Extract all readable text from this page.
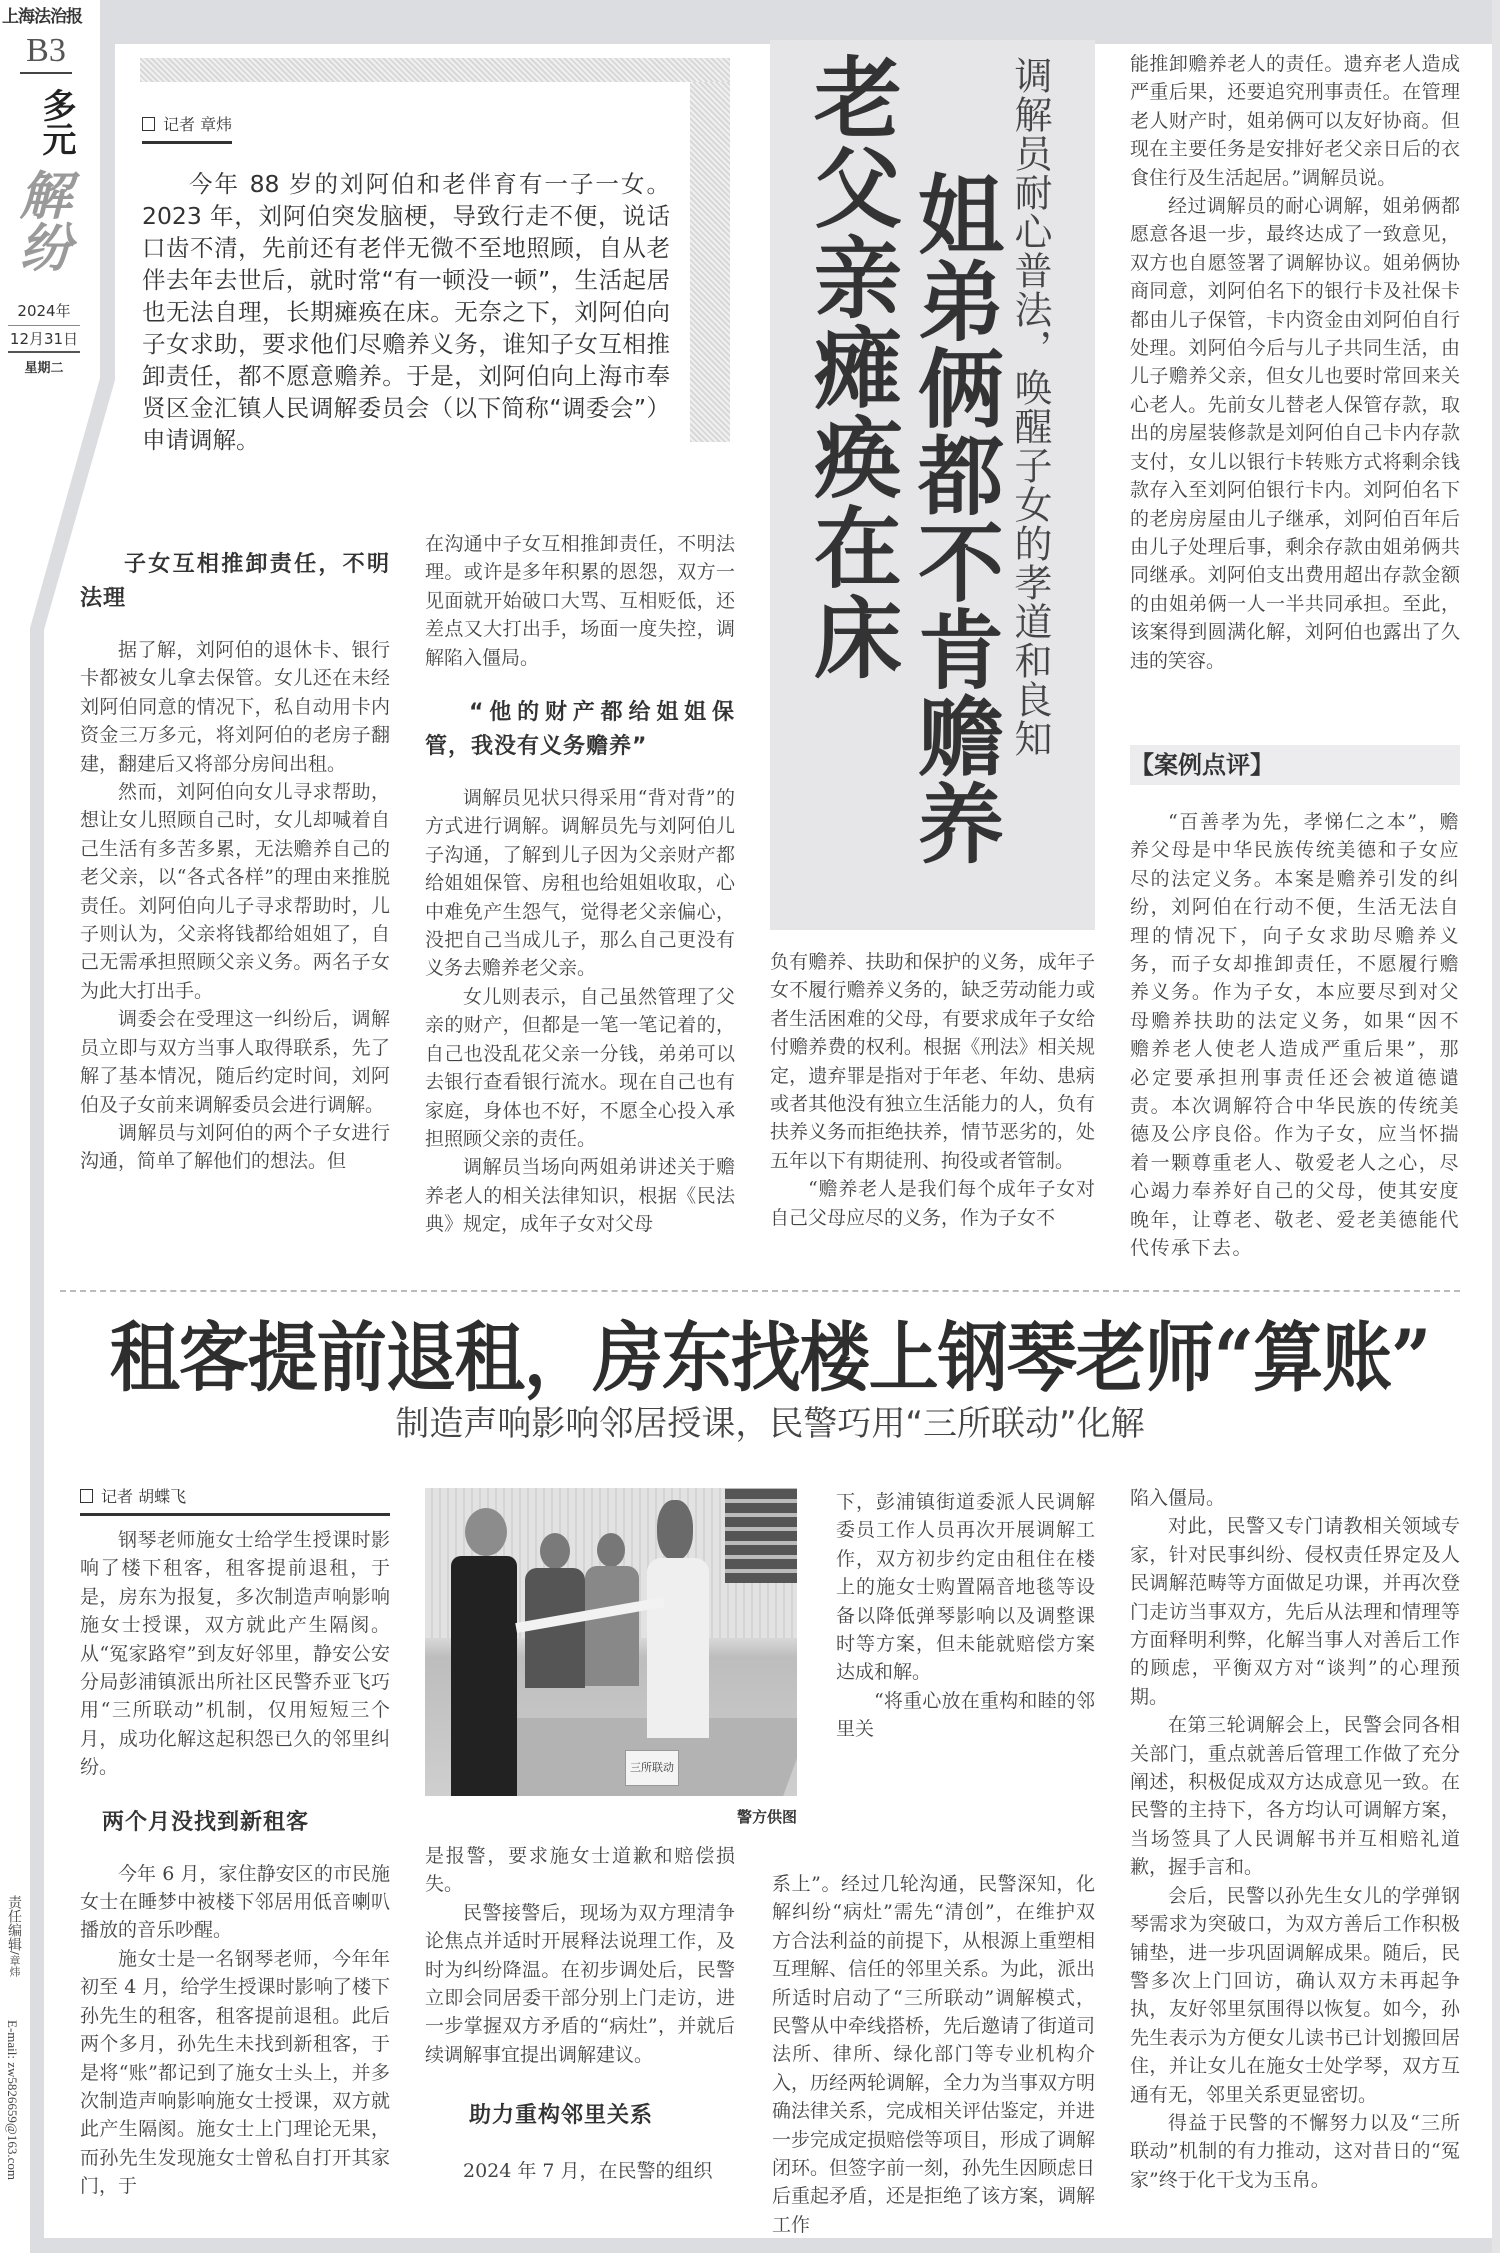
上海法治报
B3
多元
解纷
2024年
12月31日
星期二
记者 章炜
今年 88 岁的刘阿伯和老伴育有一子一女。2023 年，刘阿伯突发脑梗，导致行走不便，说话口齿不清，先前还有老伴无微不至地照顾，自从老伴去年去世后，就时常“有一顿没一顿”，生活起居也无法自理，长期瘫痪在床。无奈之下，刘阿伯向子女求助，要求他们尽赡养义务，谁知子女互相推卸责任，都不愿意赡养。于是，刘阿伯向上海市奉贤区金汇镇人民调解委员会（以下简称“调委会”）申请调解。	老父亲瘫痪在床 姐弟俩都不肯赡养 调解员耐心普法，唤醒子女的孝道和良知
子女互相推卸责任，不明法理

据了解，刘阿伯的退休卡、银行卡都被女儿拿去保管。女儿还在未经刘阿伯同意的情况下，私自动用卡内资金三万多元，将刘阿伯的老房子翻建，翻建后又将部分房间出租。

然而，刘阿伯向女儿寻求帮助，想让女儿照顾自己时，女儿却喊着自己生活有多苦多累，无法赡养自己的老父亲，以“各式各样”的理由来推脱责任。刘阿伯向儿子寻求帮助时，儿子则认为，父亲将钱都给姐姐了，自己无需承担照顾父亲义务。两名子女为此大打出手。

调委会在受理这一纠纷后，调解员立即与双方当事人取得联系，先了解了基本情况，随后约定时间，刘阿伯及子女前来调解委员会进行调解。

调解员与刘阿伯的两个子女进行沟通，简单了解他们的想法。但

在沟通中子女互相推卸责任，不明法理。或许是多年积累的恩怨，双方一见面就开始破口大骂、互相贬低，还差点又大打出手，场面一度失控，调解陷入僵局。

“他的财产都给姐姐保管，我没有义务赡养”

调解员见状只得采用“背对背”的方式进行调解。调解员先与刘阿伯儿子沟通，了解到儿子因为父亲财产都给姐姐保管、房租也给姐姐收取，心中难免产生怨气，觉得老父亲偏心，没把自己当成儿子，那么自己更没有义务去赡养老父亲。

女儿则表示，自己虽然管理了父亲的财产，但都是一笔一笔记着的，自己也没乱花父亲一分钱，弟弟可以去银行查看银行流水。现在自己也有家庭，身体也不好，不愿全心投入承担照顾父亲的责任。

调解员当场向两姐弟讲述关于赡养老人的相关法律知识，根据《民法典》规定，成年子女对父母

负有赡养、扶助和保护的义务，成年子女不履行赡养义务的，缺乏劳动能力或者生活困难的父母，有要求成年子女给付赡养费的权利。根据《刑法》相关规定，遗弃罪是指对于年老、年幼、患病或者其他没有独立生活能力的人，负有扶养义务而拒绝扶养，情节恶劣的，处五年以下有期徒刑、拘役或者管制。

“赡养老人是我们每个成年子女对自己父母应尽的义务，作为子女不

能推卸赡养老人的责任。遗弃老人造成严重后果，还要追究刑事责任。在管理老人财产时，姐弟俩可以友好协商。但现在主要任务是安排好老父亲日后的衣食住行及生活起居。”调解员说。

经过调解员的耐心调解，姐弟俩都愿意各退一步，最终达成了一致意见，双方也自愿签署了调解协议。姐弟俩协商同意，刘阿伯名下的银行卡及社保卡都由儿子保管，卡内资金由刘阿伯自行处理。刘阿伯今后与儿子共同生活，由儿子赡养父亲，但女儿也要时常回来关心老人。先前女儿替老人保管存款，取出的房屋装修款是刘阿伯自己卡内存款支付，女儿以银行卡转账方式将剩余钱款存入至刘阿伯银行卡内。刘阿伯名下的老房房屋由儿子继承，刘阿伯百年后由儿子处理后事，剩余存款由姐弟俩共同继承。刘阿伯支出费用超出存款金额的由姐弟俩一人一半共同承担。至此，该案得到圆满化解，刘阿伯也露出了久违的笑容。

【案例点评】

“百善孝为先，孝悌仁之本”，赡养父母是中华民族传统美德和子女应尽的法定义务。本案是赡养引发的纠纷，刘阿伯在行动不便，生活无法自理的情况下，向子女求助尽赡养义务，而子女却推卸责任，不愿履行赡养义务。作为子女，本应要尽到对父母赡养扶助的法定义务，如果“因不赡养老人使老人造成严重后果”，那必定要承担刑事责任还会被道德谴责。本次调解符合中华民族的传统美德及公序良俗。作为子女，应当怀揣着一颗尊重老人、敬爱老人之心，尽心竭力奉养好自己的父母，使其安度晚年，让尊老、敬老、爱老美德能代代传承下去。

租客提前退租，房东找楼上钢琴老师“算账”
制造声响影响邻居授课，民警巧用“三所联动”化解
记者 胡蝶飞

钢琴老师施女士给学生授课时影响了楼下租客，租客提前退租，于是，房东为报复，多次制造声响影响施女士授课，双方就此产生隔阂。从“冤家路窄”到友好邻里，静安公安分局彭浦镇派出所社区民警乔亚飞巧用“三所联动”机制，仅用短短三个月，成功化解这起积怨已久的邻里纠纷。

两个月没找到新租客

今年 6 月，家住静安区的市民施女士在睡梦中被楼下邻居用低音喇叭播放的音乐吵醒。

施女士是一名钢琴老师，今年年初至 4 月，给学生授课时影响了楼下孙先生的租客，租客提前退租。此后两个多月，孙先生未找到新租客，于是将“账”都记到了施女士头上，并多次制造声响影响施女士授课，双方就此产生隔阂。施女士上门理论无果，而孙先生发现施女士曾私自打开其家门，于

三所联动
警方供图

下，彭浦镇街道委派人民调解委员工作人员再次开展调解工作，双方初步约定由租住在楼上的施女士购置隔音地毯等设备以降低弹琴影响以及调整课时等方案，但未能就赔偿方案达成和解。

“将重心放在重构和睦的邻里关

是报警，要求施女士道歉和赔偿损失。

民警接警后，现场为双方理清争论焦点并适时开展释法说理工作，及时为纠纷降温。在初步调处后，民警立即会同居委干部分别上门走访，进一步掌握双方矛盾的“病灶”，并就后续调解事宜提出调解建议。

助力重构邻里关系

2024 年 7 月，在民警的组织

系上”。经过几轮沟通，民警深知，化解纠纷“病灶”需先“清创”，在维护双方合法利益的前提下，从根源上重塑相互理解、信任的邻里关系。为此，派出所适时启动了“三所联动”调解模式，民警从中牵线搭桥，先后邀请了街道司法所、律所、绿化部门等专业机构介入，历经两轮调解，全力为当事双方明确法律关系，完成相关评估鉴定，并进一步完成定损赔偿等项目，形成了调解闭环。但签字前一刻，孙先生因顾虑日后重起矛盾，还是拒绝了该方案，调解工作

陷入僵局。

对此，民警又专门请教相关领域专家，针对民事纠纷、侵权责任界定及人民调解范畴等方面做足功课，并再次登门走访当事双方，先后从法理和情理等方面释明利弊，化解当事人对善后工作的顾虑，平衡双方对“谈判”的心理预期。

在第三轮调解会上，民警会同各相关部门，重点就善后管理工作做了充分阐述，积极促成双方达成意见一致。在民警的主持下，各方均认可调解方案，当场签具了人民调解书并互相赔礼道歉，握手言和。

会后，民警以孙先生女儿的学弹钢琴需求为突破口，为双方善后工作积极铺垫，进一步巩固调解成果。随后，民警多次上门回访，确认双方未再起争执，友好邻里氛围得以恢复。如今，孙先生表示为方便女儿读书已计划搬回居住，并让女儿在施女士处学琴，双方互通有无，邻里关系更显密切。

得益于民警的不懈努力以及“三所联动”机制的有力推动，这对昔日的“冤家”终于化干戈为玉帛。

责任编辑/章炜
E-mail: zw5826659@163.com
